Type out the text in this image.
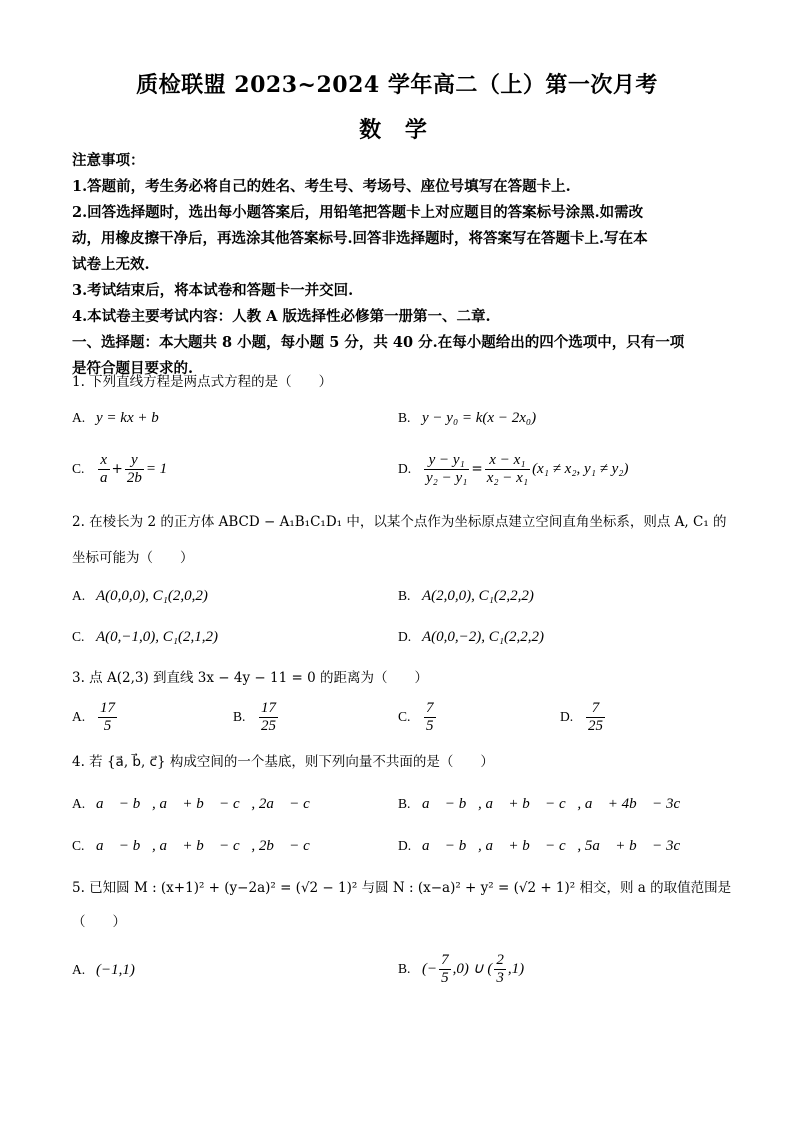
质检联盟 2023~2024 学年高二（上）第一次月考
数 学

注意事项：

1.答题前，考生务必将自己的姓名、考生号、考场号、座位号填写在答题卡上.

2.回答选择题时，选出每小题答案后，用铅笔把答题卡上对应题目的答案标号涂黑.如需改

动，用橡皮擦干净后，再选涂其他答案标号.回答非选择题时，将答案写在答题卡上.写在本

试卷上无效.

3.考试结束后，将本试卷和答题卡一并交回.

4.本试卷主要考试内容：人教 A 版选择性必修第一册第一、二章.

一、选择题：本大题共 8 小题，每小题 5 分，共 40 分.在每小题给出的四个选项中，只有一项

是符合题目要求的.

1. 下列直线方程是两点式方程的是（　　）
A. y = kx + b	B. y − y₀ = k(x − 2x₀)
C. $\frac{x}{a} + \frac{y}{2b} = 1$	D. $\frac{\text{y − y₁}}{\text{y₂ − y₁}} = \frac{\text{x − x₁}}{\text{x₂ − x₁}} (x_1 \ne x_2$, y₁ ≠ y₂)
2. 在棱长为 2 的正方体 ABCD − A₁B₁C₁D₁ 中，以某个点作为坐标原点建立空间直角坐标系，则点 A, C₁ 的
坐标可能为（　　）
A. A(0,0,0), C₁(2,0,2)	B. A(2,0,0), C₁(2,2,2)
C. A(0,−1,0), C₁(2,1,2)	D. A(0,0,−2), C₁(2,2,2)
3. 点 A(2,3) 到直线 3x − 4y − 11 = 0 的距离为（　　）
A. $\frac{17}{5}$	B. $\frac{17}{25}$	C. $\frac{7}{5}$	D. $\frac{7}{25}$
4. 若 {a⃗, b⃗, c⃗} 构成空间的一个基底，则下列向量不共面的是（　　）
A. a⃗ − b⃗, a⃗ + b⃗ − c⃗, 2a⃗ − c⃗	B. a⃗ − b⃗, a⃗ + b⃗ − c⃗, a⃗ + 4b⃗ − 3c⃗
C. a⃗ − b⃗, a⃗ + b⃗ − c⃗, 2b⃗ − c⃗	D. a⃗ − b⃗, a⃗ + b⃗ − c⃗, 5a⃗ + b⃗ − 3c⃗
5. 已知圆 M : (x+1)² + (y−2a)² = (√2 − 1)² 与圆 N : (x−a)² + y² = (√2 + 1)² 相交，则 a 的取值范围是
（　　）
A. (−1,1)	B. (− $\frac{7}{5} ,0$) ∪ ( $\frac{2}{3} ,1$)
